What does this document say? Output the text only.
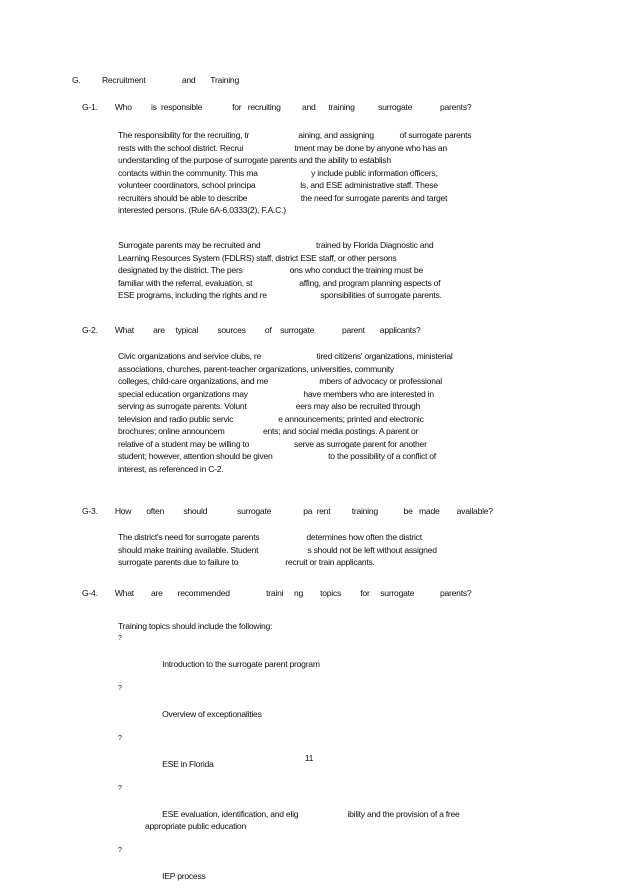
G.          Recruitment                 and       Training
G-1.        Who         is  responsible              for   recruiting          and      training           surrogate             parents?
The responsibility for the recruiting, tr                       aining, and assigning            of surrogate parents
rests with the school district. Recrui                        tment may be done by anyone who has an
understanding of the purpose of surrogate parents and the ability to establish
contacts within the community. This ma                         y include public information officers,
volunteer coordinators, school principa                     ls, and ESE administrative staff. These
recruiters should be able to describe                         the need for surrogate parents and target
interested persons. (Rule 6A-6.0333(2), F.A.C.)
Surrogate parents may be recruited and                          trained by Florida Diagnostic and
Learning Resources System (FDLRS) staff, district ESE staff, or other persons
designated by the district. The pers                      ons who conduct the training must be
familiar with the referral, evaluation, st                      affing, and program planning aspects of
ESE programs, including the rights and re                         sponsibilities of surrogate parents.
G-2.        What         are     typical         sources         of    surrogate             parent       applicants?
Civic organizations and service clubs, re                          tired citizens' organizations, ministerial
associations, churches, parent-teacher organizations, universities, community
colleges, child-care organizations, and me                        mbers of advocacy or professional
special education organizations may                          have members who are interested in
serving as surrogate parents. Volunt                       eers may also be recruited through
television and radio public servic                     e announcements; printed and electronic
brochures; online announcem                  ents; and social media postings. A parent or
relative of a student may be willing to                     serve as surrogate parent for another
student; however, attention should be given                          to the possibility of a conflict of
interest, as referenced in C-2.
G-3.        How       often         should              surrogate               pa  rent          training            be   made        available?
The district's need for surrogate parents                      determines how often the district
should make training available. Student                       s should not be left without assigned
surrogate parents due to failure to                      recruit or train applicants.
G-4.        What        are       recommended                 traini     ng        topics         for     surrogate            parents?
Training topics should include the following:

?

Introduction to the surrogate parent program

?

Overview of exceptionalities

?

ESE in Florida

?

ESE evaluation, identification, and elig                       ibility and the provision of a free
appropriate public education

?

IEP process

11
